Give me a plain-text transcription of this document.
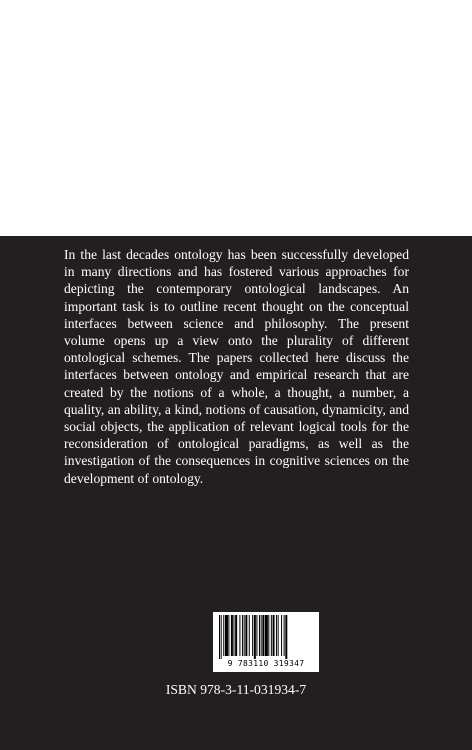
In the last decades ontology has been successfully developed in many directions and has fostered various approaches for depicting the contemporary ontological landscapes. An important task is to outline recent thought on the conceptual interfaces between science and philosophy. The present volume opens up a view onto the plurality of different ontological schemes. The papers collected here discuss the interfaces between ontology and empirical research that are created by the notions of a whole, a thought, a number, a quality, an ability, a kind, notions of causation, dynamicity, and social objects, the application of relevant logical tools for the reconsideration of ontological paradigms, as well as the investigation of the consequences in cognitive sciences on the development of ontology.

9 783110 319347
ISBN 978-3-11-031934-7
